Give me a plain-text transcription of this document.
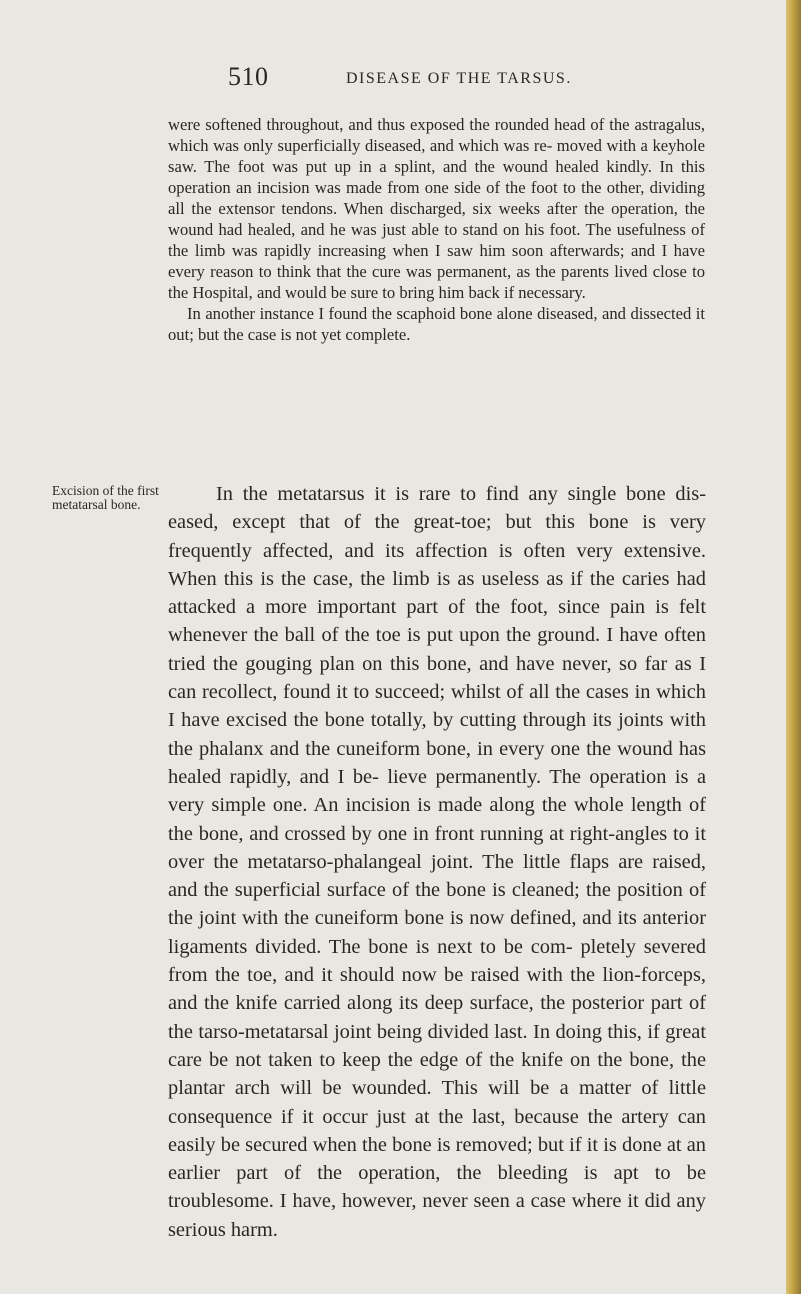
510	DISEASE OF THE TARSUS.

were softened throughout, and thus exposed the rounded head of the astragalus, which was only superficially diseased, and which was re- moved with a keyhole saw. The foot was put up in a splint, and the wound healed kindly. In this operation an incision was made from one side of the foot to the other, dividing all the extensor tendons. When discharged, six weeks after the operation, the wound had healed, and he was just able to stand on his foot. The usefulness of the limb was rapidly increasing when I saw him soon afterwards; and I have every reason to think that the cure was permanent, as the parents lived close to the Hospital, and would be sure to bring him back if necessary.

In another instance I found the scaphoid bone alone diseased, and dissected it out; but the case is not yet complete.

Excision of the first metatarsal bone.	In the metatarsus it is rare to find any single bone dis- eased, except that of the great-toe; but this bone is very frequently affected, and its affection is often very extensive. When this is the case, the limb is as useless as if the caries had attacked a more important part of the foot, since pain is felt whenever the ball of the toe is put upon the ground. I have often tried the gouging plan on this bone, and have never, so far as I can recollect, found it to succeed; whilst of all the cases in which I have excised the bone totally, by cutting through its joints with the phalanx and the cuneiform bone, in every one the wound has healed rapidly, and I be- lieve permanently. The operation is a very simple one. An incision is made along the whole length of the bone, and crossed by one in front running at right-angles to it over the metatarso-phalangeal joint. The little flaps are raised, and the superficial surface of the bone is cleaned; the position of the joint with the cuneiform bone is now defined, and its anterior ligaments divided. The bone is next to be com- pletely severed from the toe, and it should now be raised with the lion-forceps, and the knife carried along its deep surface, the posterior part of the tarso-metatarsal joint being divided last. In doing this, if great care be not taken to keep the edge of the knife on the bone, the plantar arch will be wounded. This will be a matter of little consequence if it occur just at the last, because the artery can easily be secured when the bone is removed; but if it is done at an earlier part of the operation, the bleeding is apt to be troublesome. I have, however, never seen a case where it did any serious harm.
